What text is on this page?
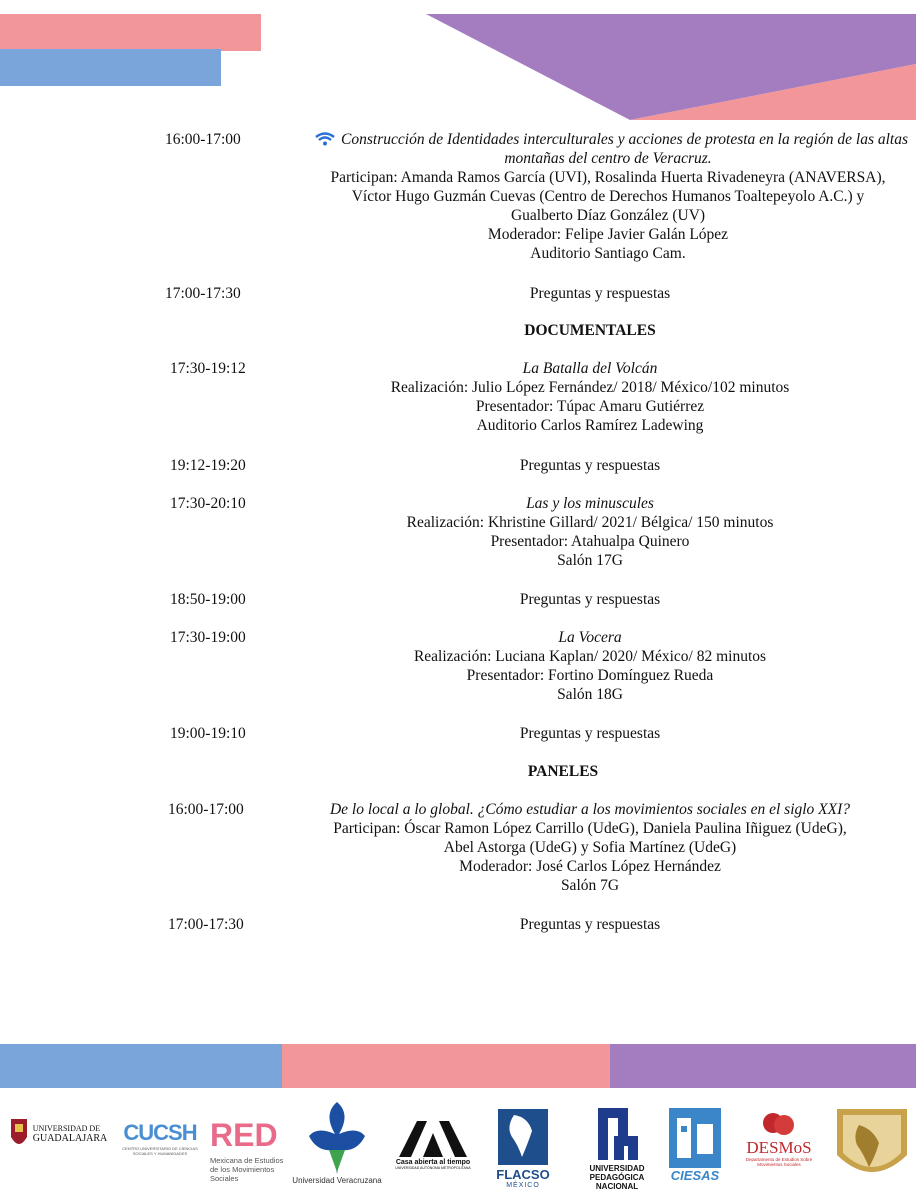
16:00-17:00	Construcción de Identidades interculturales y acciones de protesta en la región de las altas
montañas del centro de Veracruz.
Participan: Amanda Ramos García (UVI), Rosalinda Huerta Rivadeneyra (ANAVERSA),
Víctor Hugo Guzmán Cuevas (Centro de Derechos Humanos Toaltepeyolo A.C.) y
Gualberto Díaz González (UV)
Moderador: Felipe Javier Galán López
Auditorio Santiago Cam.
17:00-17:30	Preguntas y respuestas
DOCUMENTALES
17:30-19:12	La Batalla del Volcán
Realización: Julio López Fernández/ 2018/ México/102 minutos
Presentador: Túpac Amaru Gutiérrez
Auditorio Carlos Ramírez Ladewing
19:12-19:20	Preguntas y respuestas
17:30-20:10	Las y los minuscules
Realización: Khristine Gillard/ 2021/ Bélgica/ 150 minutos
Presentador: Atahualpa Quinero
Salón 17G
18:50-19:00	Preguntas y respuestas
17:30-19:00	La Vocera
Realización: Luciana Kaplan/ 2020/ México/ 82 minutos
Presentador: Fortino Domínguez Rueda
Salón 18G
19:00-19:10	Preguntas y respuestas
PANELES
16:00-17:00	De lo local a lo global. ¿Cómo estudiar a los movimientos sociales en el siglo XXI?
Participan: Óscar Ramon López Carrillo (UdeG), Daniela Paulina Iñiguez (UdeG),
Abel Astorga (UdeG) y Sofia Martínez (UdeG)
Moderador: José Carlos López Hernández
Salón 7G
17:00-17:30	Preguntas y respuestas
UNIVERSIDAD DE
GUADALAJARA CUCSH
CENTRO UNIVERSITARIO DE CIENCIAS SOCIALES Y HUMANIDADES
RED
Mexicana de Estudios
de los Movimientos
Sociales	Universidad Veracruzana
Casa abierta al tiempo
UNIVERSIDAD AUTÓNOMA METROPOLITANA FLACSO
MÉXICO
UNIVERSIDAD
PEDAGÓGICA
NACIONAL
CIESAS
DESMoS
Departamento de Estudios Sobre Movimientos Sociales
